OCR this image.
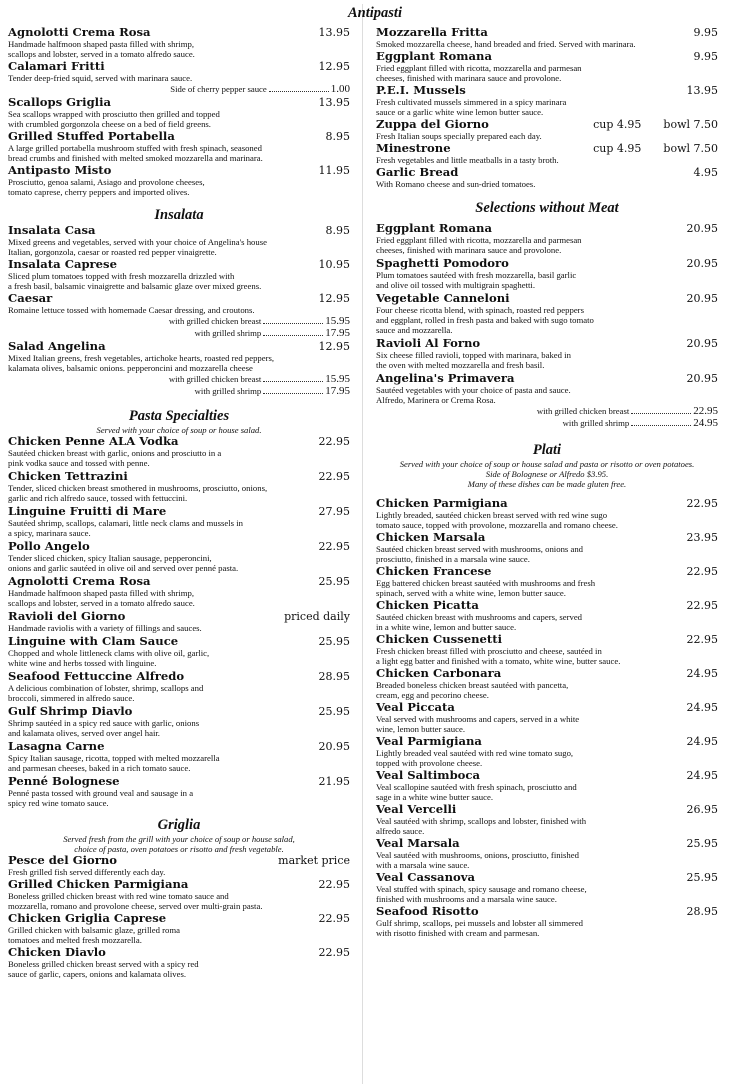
Agnolotti Crema Rosa	13.95
Handmade halfmoon shaped pasta filled with shrimp,
scallops and lobster, served in a tomato alfredo sauce.
Calamari Fritti	12.95
Tender deep-fried squid, served with marinara sauce.
Side of cherry pepper sauce	1.00
Scallops Griglia	13.95
Sea scallops wrapped with prosciutto then grilled and topped
with crumbled gorgonzola cheese on a bed of field greens.
Grilled Stuffed Portabella	8.95
A large grilled portabella mushroom stuffed with fresh spinach, seasoned
bread crumbs and finished with melted smoked mozzarella and marinara.
Antipasto Misto	11.95
Prosciutto, genoa salami, Asiago and provolone cheeses,
tomato caprese, cherry peppers and imported olives.
Insalata
Insalata Casa	8.95
Mixed greens and vegetables, served with your choice of Angelina's house
Italian, gorgonzola, caesar or roasted red pepper vinaigrette.
Insalata Caprese	10.95
Sliced plum tomatoes topped with fresh mozzarella drizzled with
a fresh basil, balsamic vinaigrette and balsamic glaze over mixed greens.
Caesar	12.95
Romaine lettuce tossed with homemade Caesar dressing, and croutons.
with grilled chicken breast	15.95
with grilled shrimp	17.95
Salad Angelina	12.95
Mixed Italian greens, fresh vegetables, artichoke hearts, roasted red peppers,
kalamata olives, balsamic onions. pepperoncini and mozzarella cheese
with grilled chicken breast	15.95
with grilled shrimp	17.95
Pasta Specialties
Served with your choice of soup or house salad.
Chicken Penne ALA Vodka	22.95
Sautéed chicken breast with garlic, onions and prosciutto in a
pink vodka sauce and tossed with penne.
Chicken Tettrazini	22.95
Tender, sliced chicken breast smothered in mushrooms, prosciutto, onions,
garlic and rich alfredo sauce, tossed with fettuccini.
Linguine Fruitti di Mare	27.95
Sautéed shrimp, scallops, calamari, little neck clams and mussels in
a spicy, marinara sauce.
Pollo Angelo	22.95
Tender sliced chicken, spicy Italian sausage, pepperoncini,
onions and garlic sautéed in olive oil and served over penné pasta.
Agnolotti Crema Rosa	25.95
Handmade halfmoon shaped pasta filled with shrimp,
scallops and lobster, served in a tomato alfredo sauce.
Ravioli del Giorno	priced daily
Handmade raviolis with a variety of fillings and sauces.
Linguine with Clam Sauce	25.95
Chopped and whole littleneck clams with olive oil, garlic,
white wine and herbs tossed with linguine.
Seafood Fettuccine Alfredo	28.95
A delicious combination of lobster, shrimp, scallops and
broccoli, simmered in alfredo sauce.
Gulf Shrimp Diavlo	25.95
Shrimp sautéed in a spicy red sauce with garlic, onions
and kalamata olives, served over angel hair.
Lasagna Carne	20.95
Spicy Italian sausage, ricotta, topped with melted mozzarella
and parmesan cheeses, baked in a rich tomato sauce.
Penné Bolognese	21.95
Penné pasta tossed with ground veal and sausage in a
spicy red wine tomato sauce.
Griglia
Served fresh from the grill with your choice of soup or house salad,
choice of pasta, oven potatoes or risotto and fresh vegetable.
Pesce del Giorno	market price
Fresh grilled fish served differently each day.
Grilled Chicken Parmigiana	22.95
Boneless grilled chicken breast with red wine tomato sauce and
mozzarella, romano and provolone cheese, served over multi-grain pasta.
Chicken Griglia Caprese	22.95
Grilled chicken with balsamic glaze, grilled roma
tomatoes and melted fresh mozzarella.
Chicken Diavlo	22.95
Boneless grilled chicken breast served with a spicy red
sauce of garlic, capers, onions and kalamata olives.
Mozzarella Fritta	9.95
Smoked mozzarella cheese, hand breaded and fried. Served with marinara.
Eggplant Romana	9.95
Fried eggplant filled with ricotta, mozzarella and parmesan
cheeses, finished with marinara sauce and provolone.
P.E.I. Mussels	13.95
Fresh cultivated mussels simmered in a spicy marinara
sauce or a garlic white wine lemon butter sauce.
Zuppa del Giorno	cup 4.95 bowl 7.50
Fresh Italian soups specially prepared each day.
Minestrone	cup 4.95 bowl 7.50
Fresh vegetables and little meatballs in a tasty broth.
Garlic Bread	4.95
With Romano cheese and sun-dried tomatoes.
Selections without Meat
Eggplant Romana	20.95
Fried eggplant filled with ricotta, mozzarella and parmesan
cheeses, finished with marinara sauce and provolone.
Spaghetti Pomodoro	20.95
Plum tomatoes sautéed with fresh mozzarella, basil garlic
and olive oil tossed with multigrain spaghetti.
Vegetable Canneloni	20.95
Four cheese ricotta blend, with spinach, roasted red peppers
and eggplant, rolled in fresh pasta and baked with sugo tomato
sauce and mozzarella.
Ravioli Al Forno	20.95
Six cheese filled ravioli, topped with marinara, baked in
the oven with melted mozzarella and fresh basil.
Angelina's Primavera	20.95
Sautéed vegetables with your choice of pasta and sauce.
Alfredo, Marinera or Crema Rosa.
with grilled chicken breast	22.95
with grilled shrimp	24.95
Plati
Served with your choice of soup or house salad and pasta or risotto or oven potatoes.
Side of Bolognese or Alfredo $3.95.
Many of these dishes can be made gluten free.
Chicken Parmigiana	22.95
Lightly breaded, sautéed chicken breast served with red wine sugo
tomato sauce, topped with provolone, mozzarella and romano cheese.
Chicken Marsala	23.95
Sautéed chicken breast served with mushrooms, onions and
prosciutto, finished in a marsala wine sauce.
Chicken Francese	22.95
Egg battered chicken breast sautéed with mushrooms and fresh
spinach, served with a white wine, lemon butter sauce.
Chicken Picatta	22.95
Sautéed chicken breast with mushrooms and capers, served
in a white wine, lemon and butter sauce.
Chicken Cussenetti	22.95
Fresh chicken breast filled with prosciutto and cheese, sautéed in
a light egg batter and finished with a tomato, white wine, butter sauce.
Chicken Carbonara	24.95
Breaded boneless chicken breast sautéed with pancetta,
cream, egg and pecorino cheese.
Veal Piccata	24.95
Veal served with mushrooms and capers, served in a white
wine, lemon butter sauce.
Veal Parmigiana	24.95
Lightly breaded veal sautéed with red wine tomato sugo,
topped with provolone cheese.
Veal Saltimboca	24.95
Veal scallopine sautéed with fresh spinach, prosciutto and
sage in a white wine butter sauce.
Veal Vercelli	26.95
Veal sautéed with shrimp, scallops and lobster, finished with
alfredo sauce.
Veal Marsala	25.95
Veal sautéed with mushrooms, onions, prosciutto, finished
with a marsala wine sauce.
Veal Cassanova	25.95
Veal stuffed with spinach, spicy sausage and romano cheese,
finished with mushrooms and a marsala wine sauce.
Seafood Risotto	28.95
Gulf shrimp, scallops, pei mussels and lobster all simmered
with risotto finished with cream and parmesan.
Antipasti
